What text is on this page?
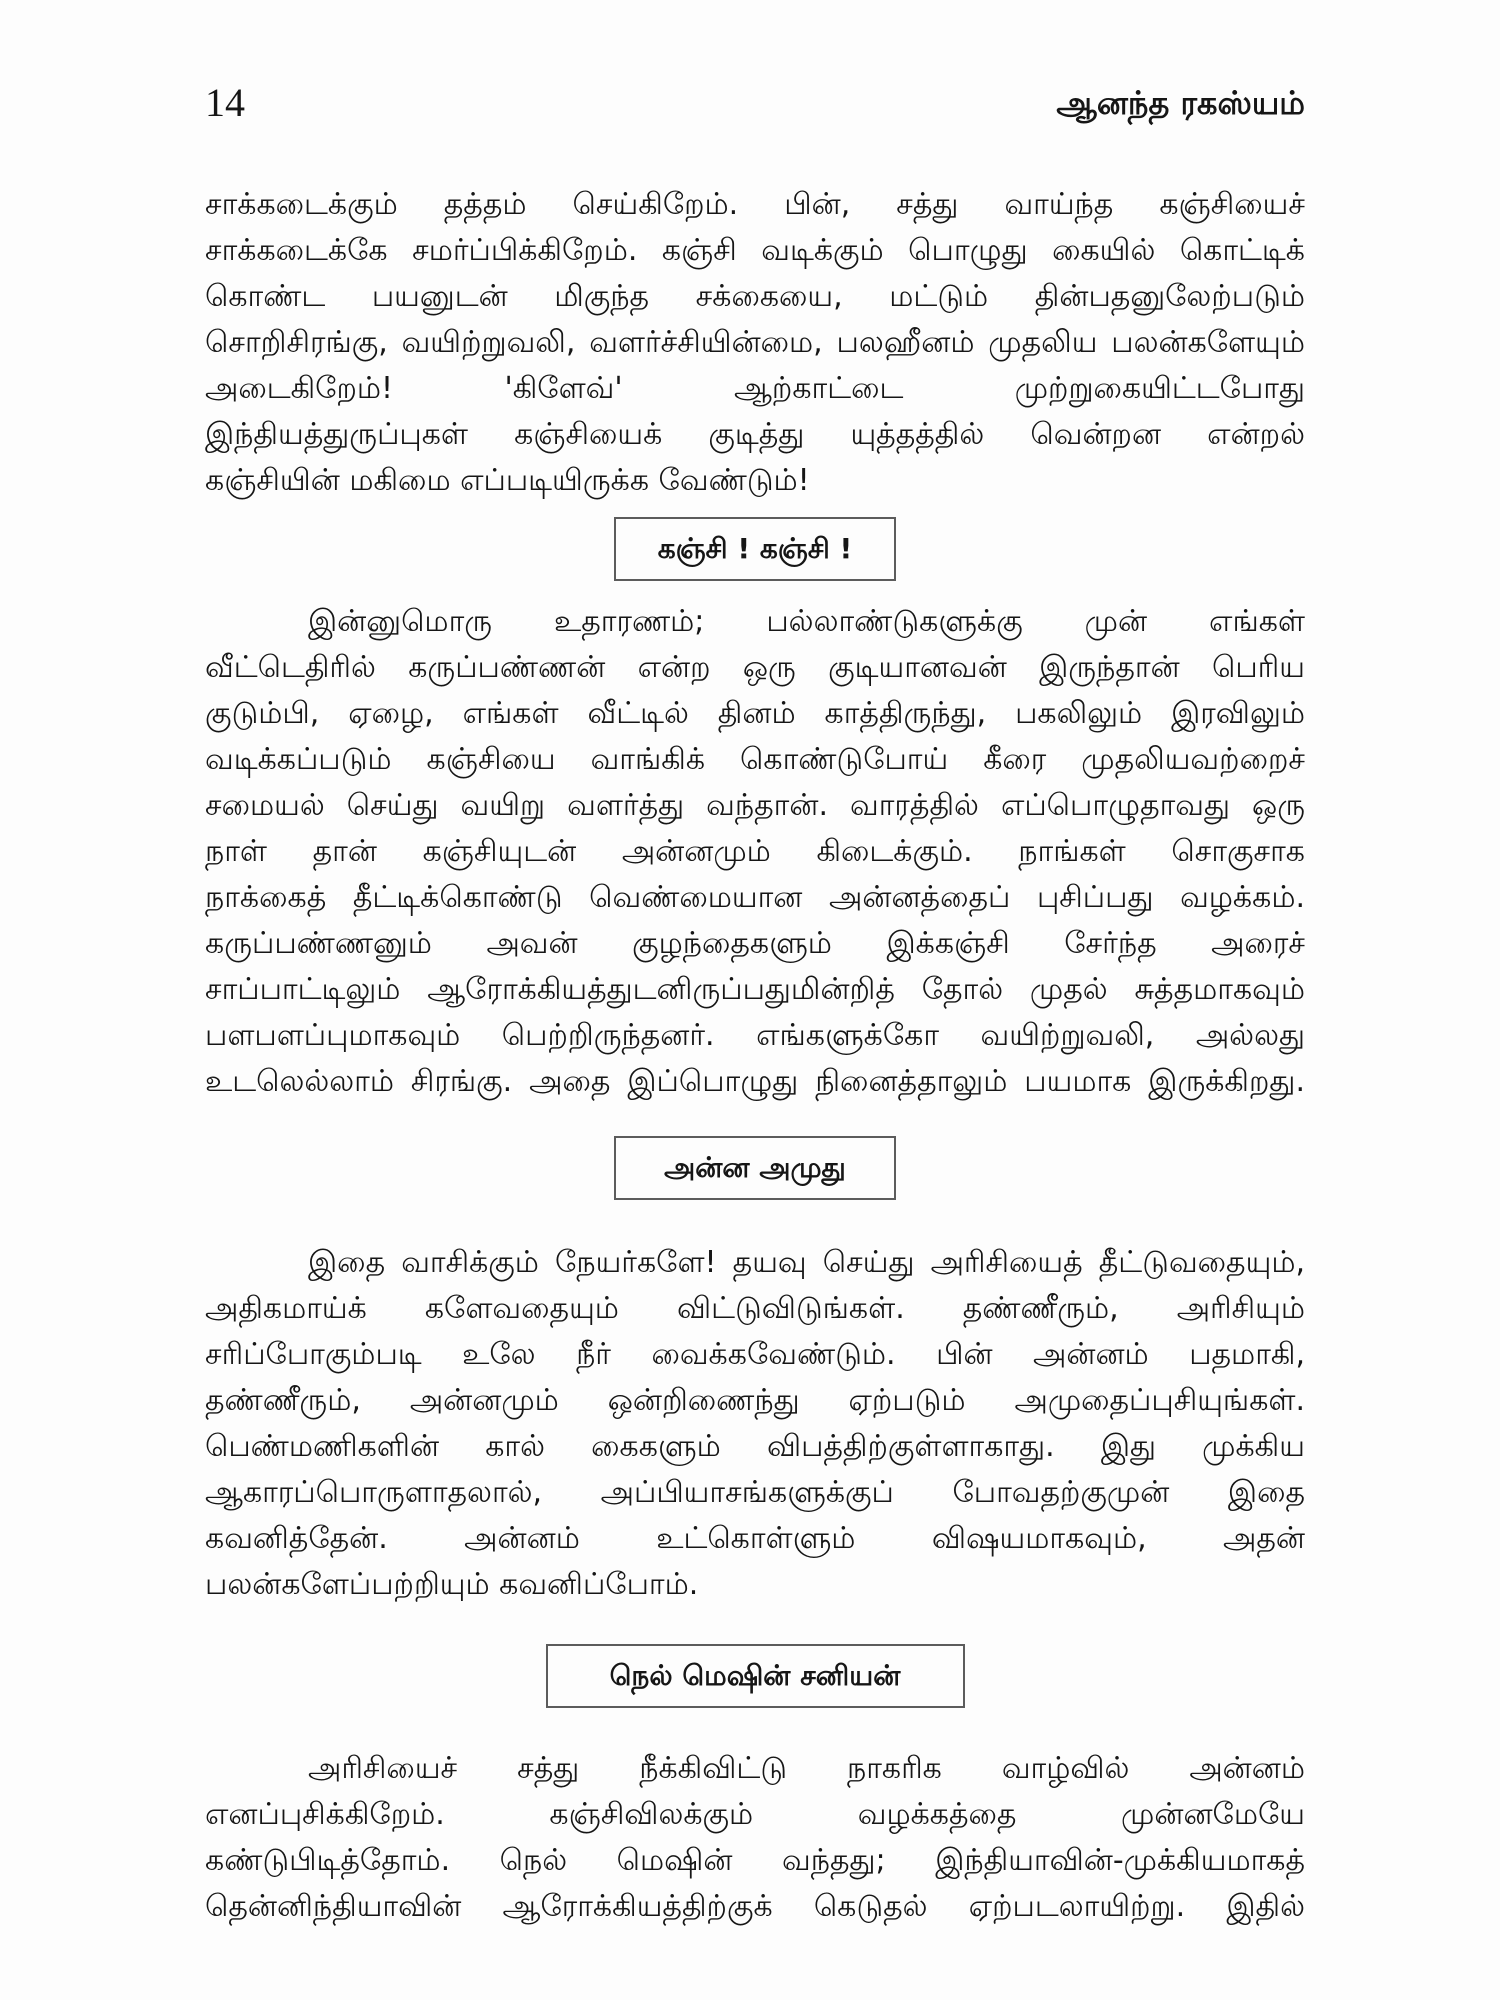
14	ஆனந்த ரகஸ்யம்
சாக்கடைக்கும் தத்தம் செய்கிறேம். பின், சத்து வாய்ந்த கஞ்சியைச்
சாக்கடைக்கே சமர்ப்பிக்கிறேம். கஞ்சி வடிக்கும் பொழுது கையில் கொட்டிக்
கொண்ட பயனுடன் மிகுந்த சக்கையை, மட்டும் தின்பதனுலேற்படும்
சொறிசிரங்கு, வயிற்றுவலி, வளர்ச்சியின்மை, பலஹீனம் முதலிய பலன்களேயும்
அடைகிறேம்! 'கிளேவ்' ஆற்காட்டை முற்றுகையிட்டபோது
இந்தியத்துருப்புகள் கஞ்சியைக் குடித்து யுத்தத்தில் வென்றன என்றல்
கஞ்சியின் மகிமை எப்படியிருக்க வேண்டும்!
கஞ்சி ! கஞ்சி !
இன்னுமொரு உதாரணம்; பல்லாண்டுகளுக்கு முன் எங்கள்
வீட்டெதிரில் கருப்பண்ணன் என்ற ஒரு குடியானவன் இருந்தான் பெரிய
குடும்பி, ஏழை, எங்கள் வீட்டில் தினம் காத்திருந்து, பகலிலும் இரவிலும்
வடிக்கப்படும் கஞ்சியை வாங்கிக் கொண்டுபோய் கீரை முதலியவற்றைச்
சமையல் செய்து வயிறு வளர்த்து வந்தான். வாரத்தில் எப்பொழுதாவது ஒரு
நாள் தான் கஞ்சியுடன் அன்னமும் கிடைக்கும். நாங்கள் சொகுசாக
நாக்கைத் தீட்டிக்கொண்டு வெண்மையான அன்னத்தைப் புசிப்பது வழக்கம்.
கருப்பண்ணனும் அவன் குழந்தைகளும் இக்கஞ்சி சேர்ந்த அரைச்
சாப்பாட்டிலும் ஆரோக்கியத்துடனிருப்பதுமின்றித் தோல் முதல் சுத்தமாகவும்
பளபளப்புமாகவும் பெற்றிருந்தனர். எங்களுக்கோ வயிற்றுவலி, அல்லது
உடலெல்லாம் சிரங்கு. அதை இப்பொழுது நினைத்தாலும் பயமாக இருக்கிறது.
அன்ன அமுது
இதை வாசிக்கும் நேயர்களே! தயவு செய்து அரிசியைத் தீட்டுவதையும்,
அதிகமாய்க் களேவதையும் விட்டுவிடுங்கள். தண்ணீரும், அரிசியும்
சரிப்போகும்படி உலே நீர் வைக்கவேண்டும். பின் அன்னம் பதமாகி,
தண்ணீரும், அன்னமும் ஒன்றிணைந்து ஏற்படும் அமுதைப்புசியுங்கள்.
பெண்மணிகளின் கால் கைகளும் விபத்திற்குள்ளாகாது. இது முக்கிய
ஆகாரப்பொருளாதலால், அப்பியாசங்களுக்குப் போவதற்குமுன் இதை
கவனித்தேன். அன்னம் உட்கொள்ளும் விஷயமாகவும், அதன்
பலன்களேப்பற்றியும் கவனிப்போம்.
நெல் மெஷின் சனியன்
அரிசியைச் சத்து நீக்கிவிட்டு நாகரிக வாழ்வில் அன்னம்
எனப்புசிக்கிறேம். கஞ்சிவிலக்கும் வழக்கத்தை முன்னமேயே
கண்டுபிடித்தோம். நெல் மெஷின் வந்தது; இந்தியாவின்-முக்கியமாகத்
தென்னிந்தியாவின் ஆரோக்கியத்திற்குக் கெடுதல் ஏற்படலாயிற்று. இதில்
